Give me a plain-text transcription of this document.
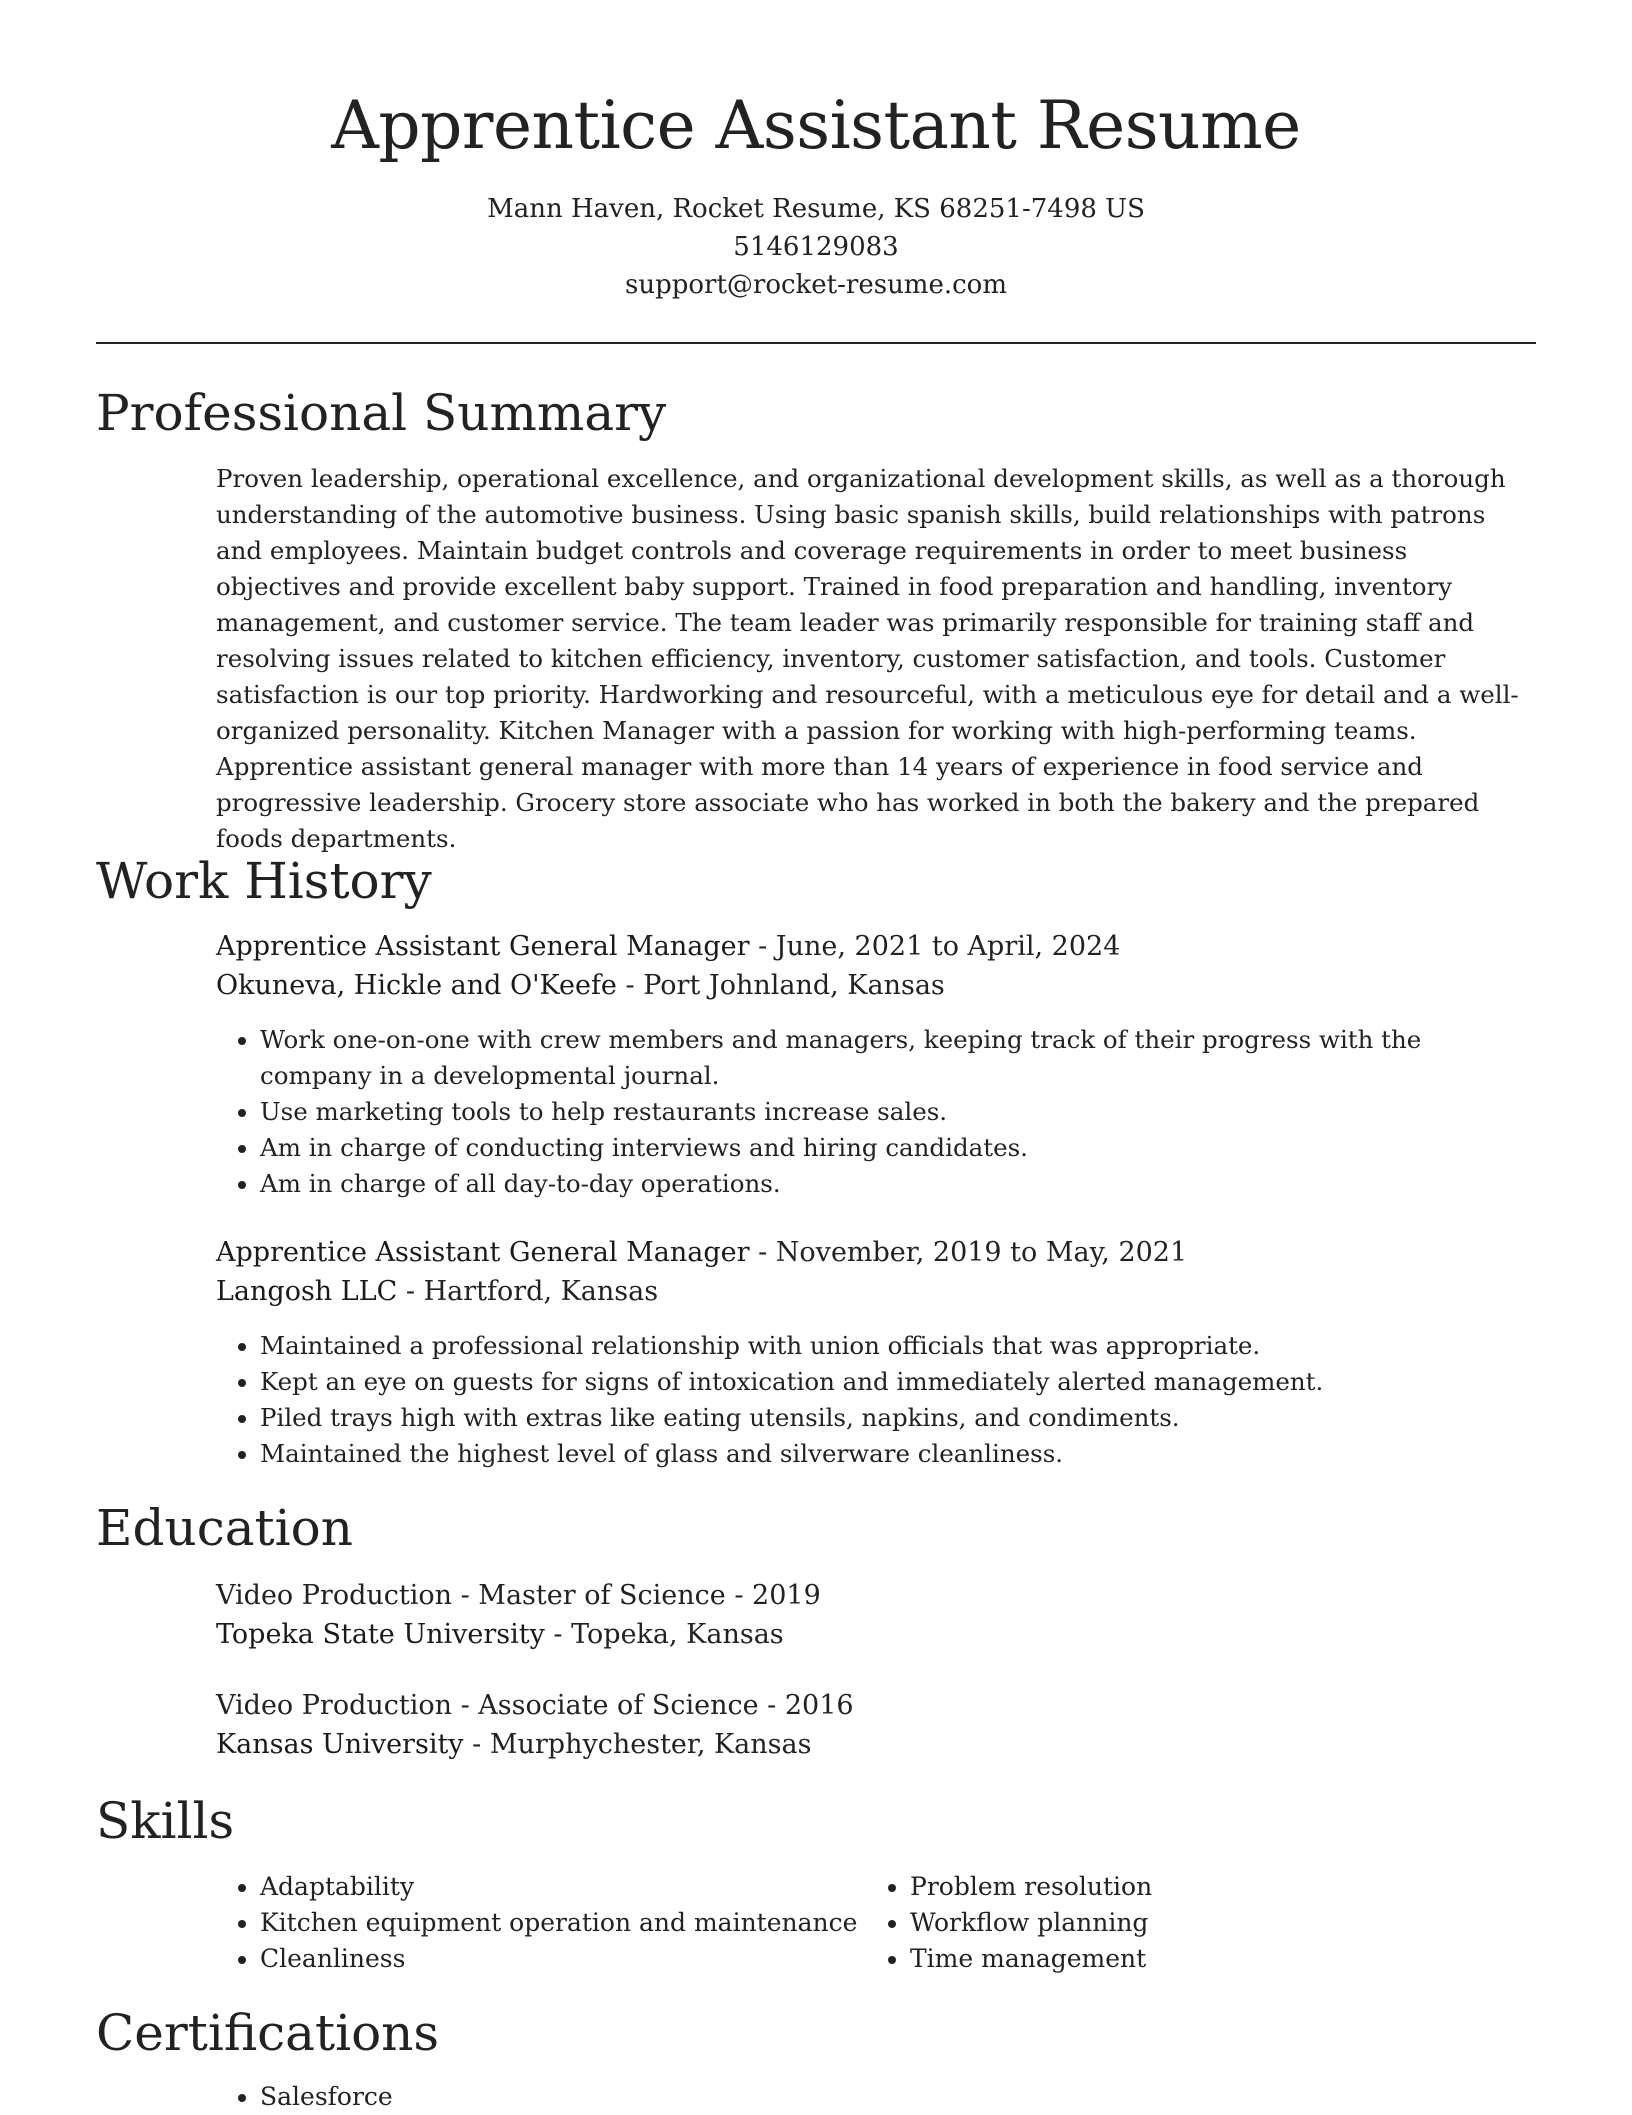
Apprentice Assistant Resume

Mann Haven, Rocket Resume, KS 68251-7498 US

5146129083

support@rocket-resume.com

Professional Summary

Proven leadership, operational excellence, and organizational development skills, as well as a thorough understanding of the automotive business. Using basic spanish skills, build relationships with patrons and employees. Maintain budget controls and coverage requirements in order to meet business objectives and provide excellent baby support. Trained in food preparation and handling, inventory management, and customer service. The team leader was primarily responsible for training staff and resolving issues related to kitchen efficiency, inventory, customer satisfaction, and tools. Customer satisfaction is our top priority. Hardworking and resourceful, with a meticulous eye for detail and a well-organized personality. Kitchen Manager with a passion for working with high-performing teams. Apprentice assistant general manager with more than 14 years of experience in food service and progressive leadership. Grocery store associate who has worked in both the bakery and the prepared foods departments.

Work History

Apprentice Assistant General Manager - June, 2021 to April, 2024

Okuneva, Hickle and O'Keefe - Port Johnland, Kansas

• Work one-on-one with crew members and managers, keeping track of their progress with the company in a developmental journal.
• Use marketing tools to help restaurants increase sales.
• Am in charge of conducting interviews and hiring candidates.
• Am in charge of all day-to-day operations.

Apprentice Assistant General Manager - November, 2019 to May, 2021

Langosh LLC - Hartford, Kansas

• Maintained a professional relationship with union officials that was appropriate.
• Kept an eye on guests for signs of intoxication and immediately alerted management.
• Piled trays high with extras like eating utensils, napkins, and condiments.
• Maintained the highest level of glass and silverware cleanliness.
Education

Video Production - Master of Science - 2019

Topeka State University - Topeka, Kansas

Video Production - Associate of Science - 2016

Kansas University - Murphychester, Kansas

Skills
• Adaptability
• Kitchen equipment operation and maintenance
• Cleanliness
• Problem resolution
• Workflow planning
• Time management
Certifications
• Salesforce
